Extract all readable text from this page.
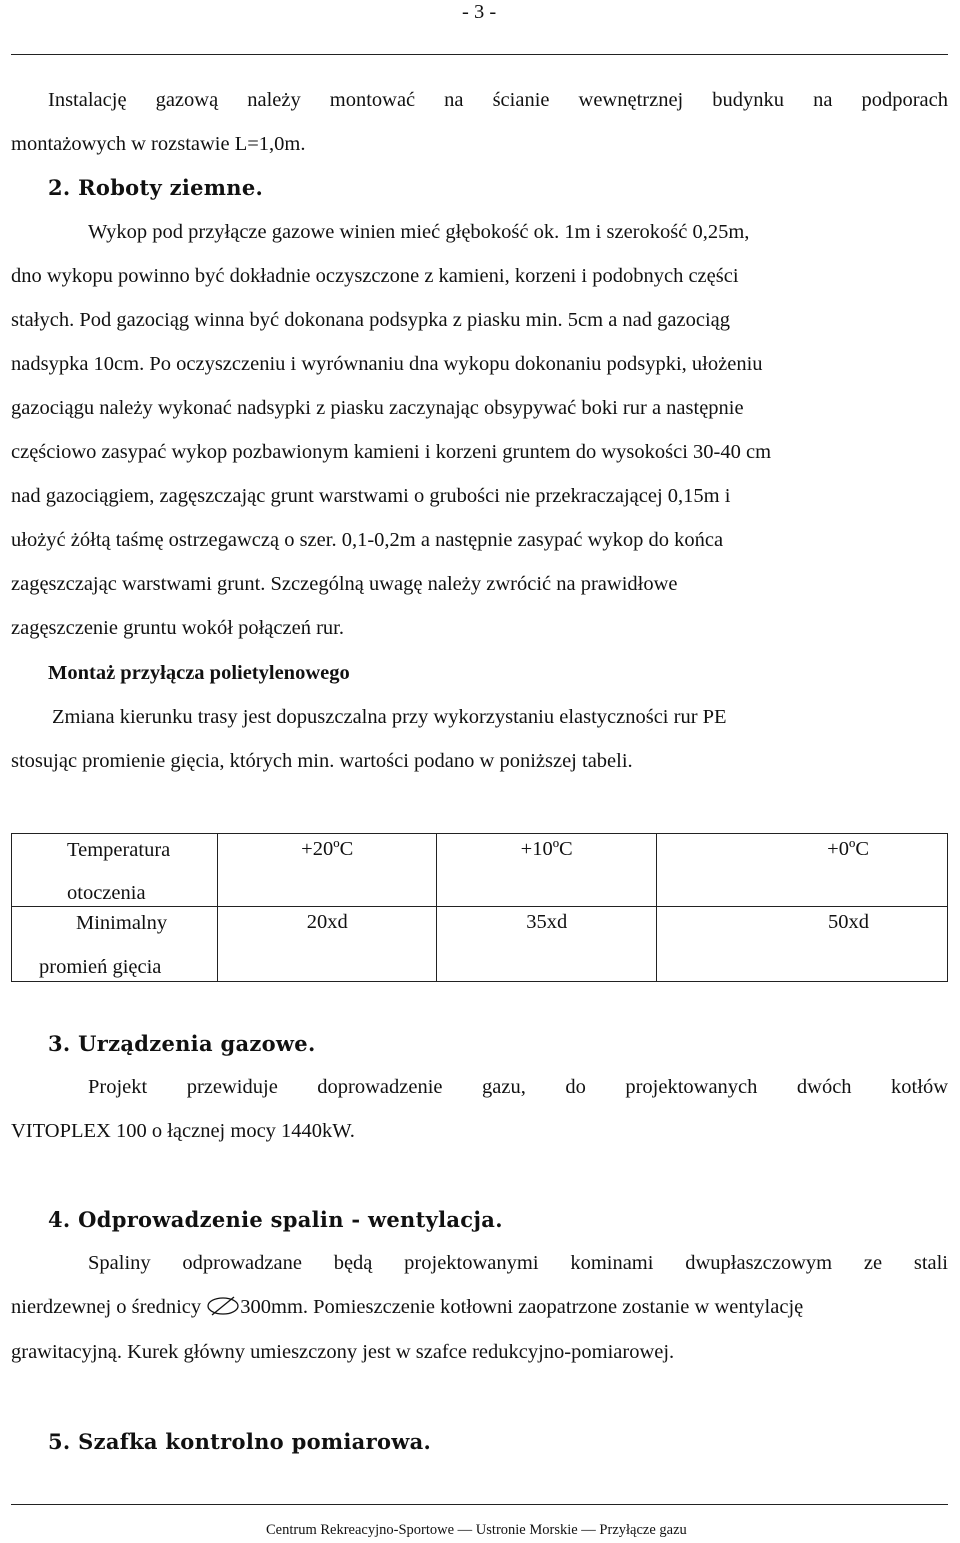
- 3 -
Instalację gazową należy montować na ścianie wewnętrznej budynku na podporach
montażowych w rozstawie L=1,0m.
2. Roboty ziemne.
Wykop pod przyłącze gazowe winien mieć głębokość ok. 1m i szerokość 0,25m,
dno wykopu powinno być dokładnie oczyszczone z kamieni, korzeni i podobnych części
stałych. Pod gazociąg winna być dokonana podsypka z piasku min. 5cm a nad gazociąg
nadsypka 10cm. Po oczyszczeniu i wyrównaniu dna wykopu dokonaniu podsypki, ułożeniu
gazociągu należy wykonać nadsypki z piasku zaczynając obsypywać boki rur a następnie
częściowo zasypać wykop pozbawionym kamieni i korzeni gruntem do wysokości 30-40 cm
nad gazociągiem, zagęszczając grunt warstwami o grubości nie przekraczającej 0,15m i
ułożyć żółtą taśmę ostrzegawczą o szer. 0,1-0,2m a następnie zasypać wykop do końca
zagęszczając warstwami grunt. Szczególną uwagę należy zwrócić na prawidłowe
zagęszczenie gruntu wokół połączeń rur.
Montaż przyłącza polietylenowego
Zmiana kierunku trasy jest dopuszczalna przy wykorzystaniu elastyczności rur PE
stosując promienie gięcia, których min. wartości podano w poniższej tabeli.
Temperatura
otoczenia	+20ºC	+10ºC	+0ºC

Minimalny
promień gięcia	20xd	35xd	50xd
3. Urządzenia gazowe.
Projekt przewiduje doprowadzenie gazu, do projektowanych dwóch kotłów
VITOPLEX 100 o łącznej mocy 1440kW.
4. Odprowadzenie spalin - wentylacja.
Spaliny odprowadzane będą projektowanymi kominami dwupłaszczowym ze stali
nierdzewnej o średnicy 300mm. Pomieszczenie kotłowni zaopatrzone zostanie w wentylację
grawitacyjną. Kurek główny umieszczony jest w szafce redukcyjno-pomiarowej.
5. Szafka kontrolno pomiarowa.
Centrum Rekreacyjno-Sportowe — Ustronie Morskie — Przyłącze gazu
